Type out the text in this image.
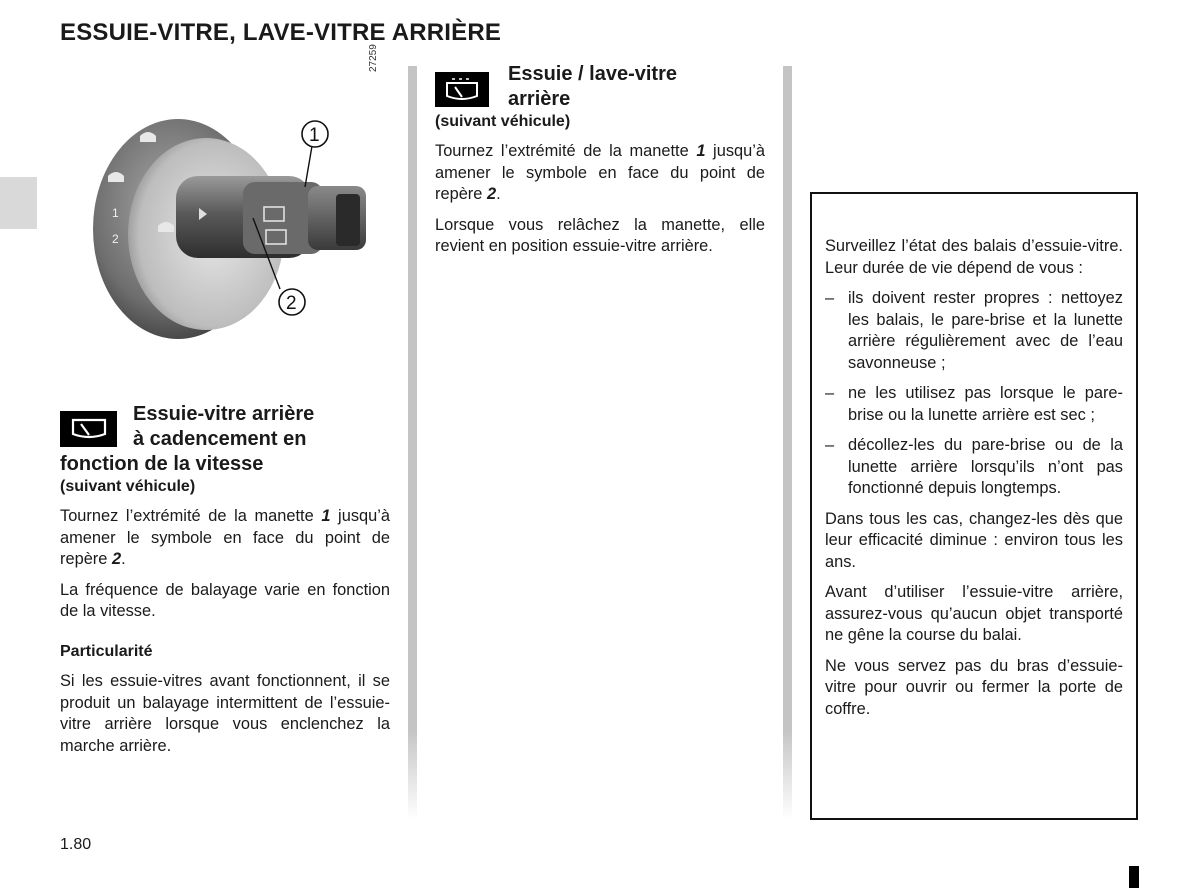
ESSUIE-VITRE, LAVE-VITRE ARRIÈRE
27259
1
2
1
2
Essuie-vitre arrière
à cadencement en
fonction de la vitesse
(suivant véhicule)

Tournez l’extrémité de la manette 1 jusqu’à amener le symbole en face du point de repère 2.

La fréquence de balayage varie en fonction de la vitesse.

Particularité

Si les essuie-vitres avant fonctionnent, il se produit un balayage intermittent de l’essuie-vitre arrière lorsque vous enclenchez la marche arrière.

Essuie / lave-vitre
arrière
(suivant véhicule)

Tournez l’extrémité de la manette 1 jusqu’à amener le symbole en face du point de repère 2.

Lorsque vous relâchez la manette, elle revient en position essuie-vitre arrière.	Surveillez l’état des balais d’essuie-vitre. Leur durée de vie dépend de vous :

– ils doivent rester propres : nettoyez les balais, le pare-brise et la lunette arrière régulièrement avec de l’eau savonneuse ;
– ne les utilisez pas lorsque le pare-brise ou la lunette arrière est sec ;
– décollez-les du pare-brise ou de la lunette arrière lorsqu’ils n’ont pas fonctionné depuis longtemps.

Dans tous les cas, changez-les dès que leur efficacité diminue : environ tous les ans.

Avant d’utiliser l’essuie-vitre arrière, assurez-vous qu’aucun objet transporté ne gêne la course du balai.

Ne vous servez pas du bras d’essuie-vitre pour ouvrir ou fermer la porte de coffre.

1.80
